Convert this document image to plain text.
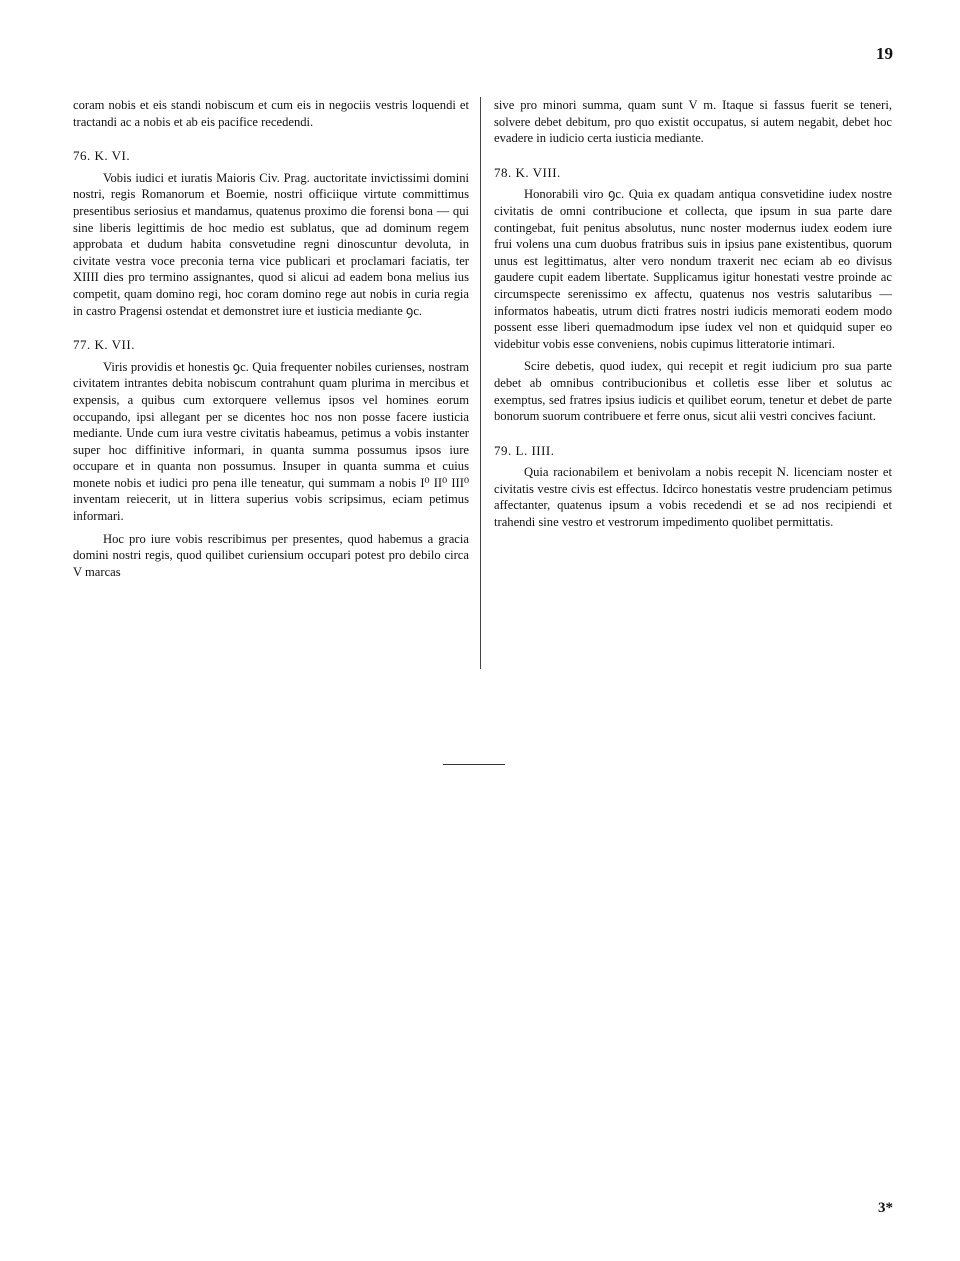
19

coram nobis et eis standi nobiscum et cum eis in negociis vestris loquendi et tractandi ac a nobis et ab eis pacifice recedendi.

76. K. VI.

Vobis iudici et iuratis Maioris Civ. Prag. auctoritate invictissimi domini nostri, regis Romanorum et Boemie, nostri officiique virtute committimus presentibus seriosius et mandamus, quatenus proximo die forensi bona — qui sine liberis legittimis de hoc medio est sublatus, que ad dominum regem approbata et dudum habita consvetudine regni dinoscuntur devoluta, in civitate vestra voce preconia terna vice publicari et proclamari faciatis, ter XIIII dies pro termino assignantes, quod si alicui ad eadem bona melius ius competit, quam domino regi, hoc coram domino rege aut nobis in curia regia in castro Pragensi ostendat et demonstret iure et iusticia mediante ꝯc.

77. K. VII.

Viris providis et honestis ꝯc. Quia frequenter nobiles curienses, nostram civitatem intrantes debita nobiscum contrahunt quam plurima in mercibus et expensis, a quibus cum extorquere vellemus ipsos vel homines eorum occupando, ipsi allegant per se dicentes hoc nos non posse facere iusticia mediante. Unde cum iura vestre civitatis habeamus, petimus a vobis instanter super hoc diffinitive informari, in quanta summa possumus ipsos iure occupare et in quanta non possumus. Insuper in quanta summa et cuius monete nobis et iudici pro pena ille teneatur, qui summam a nobis I⁰ II⁰ III⁰ inventam reiecerit, ut in littera superius vobis scripsimus, eciam petimus informari.

Hoc pro iure vobis rescribimus per presentes, quod habemus a gracia domini nostri regis, quod quilibet curiensium occupari potest pro debilo circa V marcas

sive pro minori summa, quam sunt V m. Itaque si fassus fuerit se teneri, solvere debet debitum, pro quo existit occupatus, si autem negabit, debet hoc evadere in iudicio certa iusticia mediante.

78. K. VIII.

Honorabili viro ꝯc. Quia ex quadam antiqua consvetidine iudex nostre civitatis de omni contribucione et collecta, que ipsum in sua parte dare contingebat, fuit penitus absolutus, nunc noster modernus iudex eodem iure frui volens una cum duobus fratribus suis in ipsius pane existentibus, quorum unus est legittimatus, alter vero nondum traxerit nec eciam ab eo divisus gaudere cupit eadem libertate. Supplicamus igitur honestati vestre proinde ac circumspecte serenissimo ex affectu, quatenus nos vestris salutaribus — informatos habeatis, utrum dicti fratres nostri iudicis memorati eodem modo possent esse liberi quemadmodum ipse iudex vel non et quidquid super eo videbitur vobis esse conveniens, nobis cupimus litteratorie intimari.

Scire debetis, quod iudex, qui recepit et regit iudicium pro sua parte debet ab omnibus contribucionibus et colletis esse liber et solutus ac exemptus, sed fratres ipsius iudicis et quilibet eorum, tenetur et debet de parte bonorum suorum contribuere et ferre onus, sicut alii vestri concives faciunt.

79. L. IIII.

Quia racionabilem et benivolam a nobis recepit N. licenciam noster et civitatis vestre civis est effectus. Idcirco honestatis vestre prudenciam petimus affectanter, quatenus ipsum a vobis recedendi et se ad nos recipiendi et trahendi sine vestro et vestrorum impedimento quolibet permittatis.

3*
